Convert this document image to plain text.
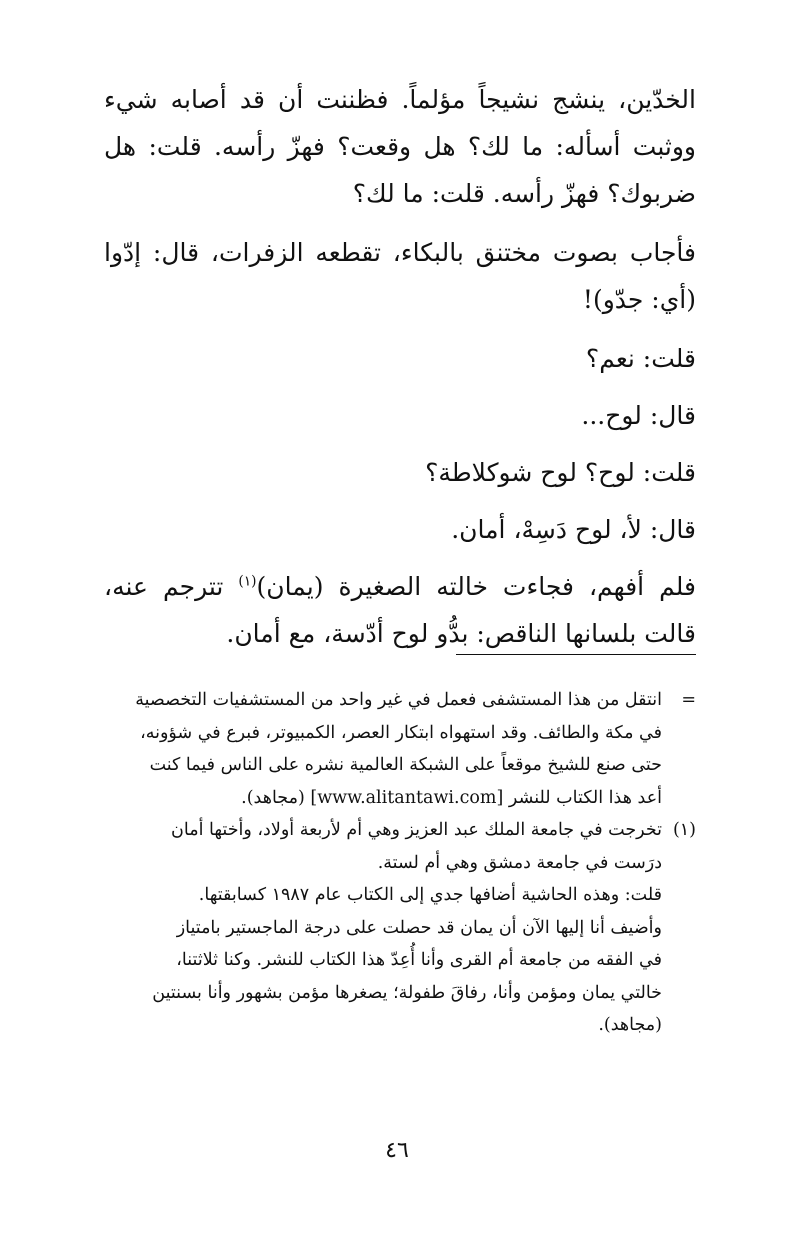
الخدّين، ينشج نشيجاً مؤلماً. فظننت أن قد أصابه شيء ووثبت أسأله: ما لك؟ هل وقعت؟ فهزّ رأسه. قلت: هل ضربوك؟ فهزّ رأسه. قلت: ما لك؟

فأجاب بصوت مختنق بالبكاء، تقطعه الزفرات، قال: إدّوا (أي: جدّو)!

قلت: نعم؟

قال: لوح...

قلت: لوح؟ لوح شوكلاطة؟

قال: لأ، لوح دَسِهْ، أمان.

فلم أفهم، فجاءت خالته الصغيرة (يمان)$^{(١)}$ تترجم عنه، قالت بلسانها الناقص: بدُّو لوح أدّسة، مع أمان.

=
انتقل من هذا المستشفى فعمل في غير واحد من المستشفيات التخصصية
في مكة والطائف. وقد استهواه ابتكار العصر، الكمبيوتر، فبرع في شؤونه،
حتى صنع للشيخ موقعاً على الشبكة العالمية نشره على الناس فيما كنت
أعد هذا الكتاب للنشر [www.alitantawi.com] (مجاهد).
(١)
تخرجت في جامعة الملك عبد العزيز وهي أم لأربعة أولاد، وأختها أمان
درَست في جامعة دمشق وهي أم لستة.
قلت: وهذه الحاشية أضافها جدي إلى الكتاب عام ١٩٨٧ كسابقتها.
وأضيف أنا إليها الآن أن يمان قد حصلت على درجة الماجستير بامتياز
في الفقه من جامعة أم القرى وأنا أُعِدّ هذا الكتاب للنشر. وكنا ثلاثتنا،
خالتي يمان ومؤمن وأنا، رفاقَ طفولة؛ يصغرها مؤمن بشهور وأنا بسنتين
(مجاهد).
٤٦
